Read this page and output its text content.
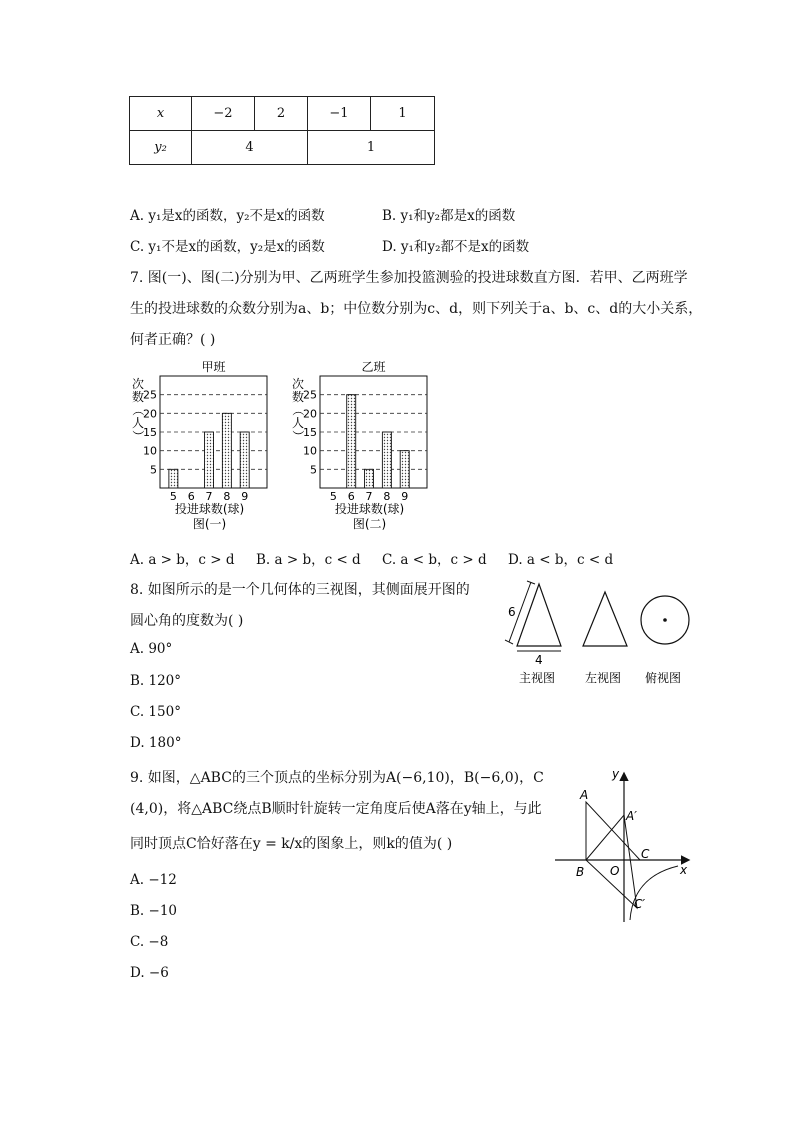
x	−2	2	−1	1
y₂	4		1	
A. y₁是x的函数，y₂不是x的函数	B. y₁和y₂都是x的函数
C. y₁不是x的函数，y₂是x的函数	D. y₁和y₂都不是x的函数
7. 图(一)、图(二)分别为甲、乙两班学生参加投篮测验的投进球数直方图．若甲、乙两班学
生的投进球数的众数分别为a、b；中位数分别为c、d，则下列关于a、b、c、d的大小关系，
何者正确？( )
甲班
5
10
15
20
25
5 6 7 8 9
次
数
（
人
）
投进球数(球)
图(一)
乙班
5
10
15
20
25
5 6 7 8 9
次
数
（
人
）
投进球数(球)
图(二)
A. a > b，c > d B. a > b，c < d C. a < b，c > d D. a < b，c < d
8. 如图所示的是一个几何体的三视图，其侧面展开图的
圆心角的度数为( )
A. 90°
B. 120°
C. 150°
D. 180°
6
4
主视图 左视图 俯视图
9. 如图，△ABC的三个顶点的坐标分别为A(−6,10)，B(−6,0)，C
(4,0)，将△ABC绕点B顺时针旋转一定角度后使A落在y轴上，与此
同时顶点C恰好落在y = k/x的图象上，则k的值为( )
A. −12
B. −10
C. −8
D. −6
y
x
A
A′
C
B O
C′
